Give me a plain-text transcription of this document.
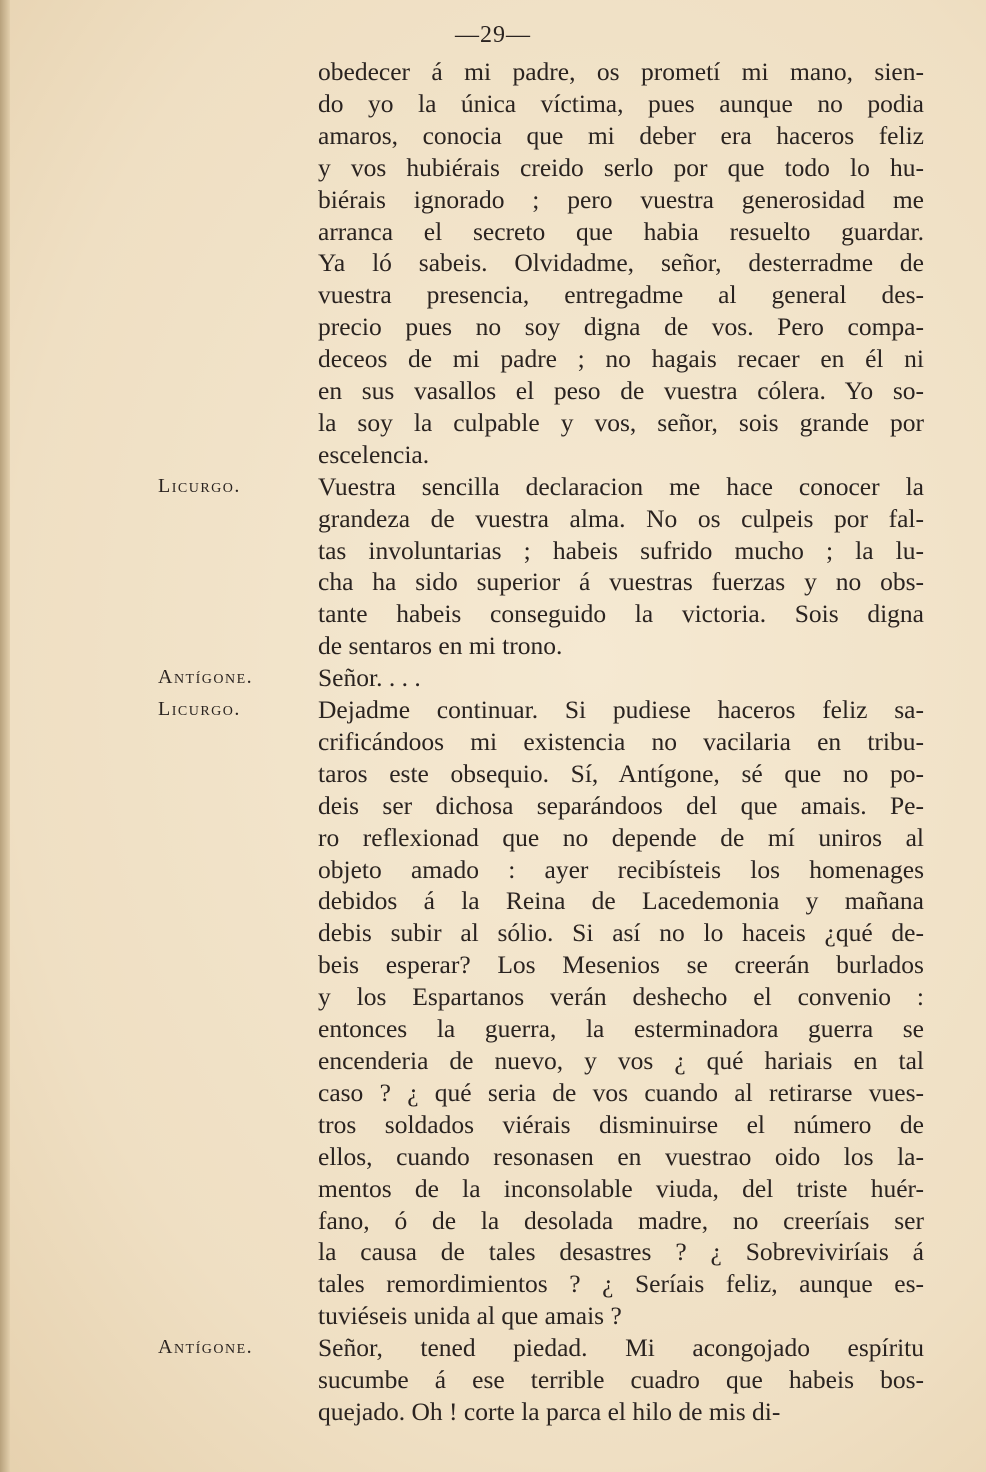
—29—
obedecer á mi padre, os prometí mi mano, sien-
do yo la única víctima, pues aunque no podia
amaros, conocia que mi deber era haceros feliz
y vos hubiérais creido serlo por que todo lo hu-
biérais ignorado ; pero vuestra generosidad me
arranca el secreto que habia resuelto guardar.
Ya ló sabeis. Olvidadme, señor, desterradme de
vuestra presencia, entregadme al general des-
precio pues no soy digna de vos. Pero compa-
deceos de mi padre ; no hagais recaer en él ni
en sus vasallos el peso de vuestra cólera. Yo so-
la soy la culpable y vos, señor, sois grande por
escelencia.
Licurgo.	Vuestra sencilla declaracion me hace conocer la
grandeza de vuestra alma. No os culpeis por fal-
tas involuntarias ; habeis sufrido mucho ; la lu-
cha ha sido superior á vuestras fuerzas y no obs-
tante habeis conseguido la victoria. Sois digna
de sentaros en mi trono.
Antígone.	Señor. . . .
Licurgo.	Dejadme continuar. Si pudiese haceros feliz sa-
crificándoos mi existencia no vacilaria en tribu-
taros este obsequio. Sí, Antígone, sé que no po-
deis ser dichosa separándoos del que amais. Pe-
ro reflexionad que no depende de mí uniros al
objeto amado : ayer recibísteis los homenages
debidos á la Reina de Lacedemonia y mañana
debis subir al sólio. Si así no lo haceis ¿qué de-
beis esperar? Los Mesenios se creerán burlados
y los Espartanos verán deshecho el convenio :
entonces la guerra, la esterminadora guerra se
encenderia de nuevo, y vos ¿ qué hariais en tal
caso ? ¿ qué seria de vos cuando al retirarse vues-
tros soldados viérais disminuirse el número de
ellos, cuando resonasen en vuestrao oido los la-
mentos de la inconsolable viuda, del triste huér-
fano, ó de la desolada madre, no creeríais ser
la causa de tales desastres ? ¿ Sobreviviríais á
tales remordimientos ? ¿ Seríais feliz, aunque es-
tuviéseis unida al que amais ?
Antígone.	Señor, tened piedad. Mi acongojado espíritu
sucumbe á ese terrible cuadro que habeis bos-
quejado. Oh ! corte la parca el hilo de mis di-
